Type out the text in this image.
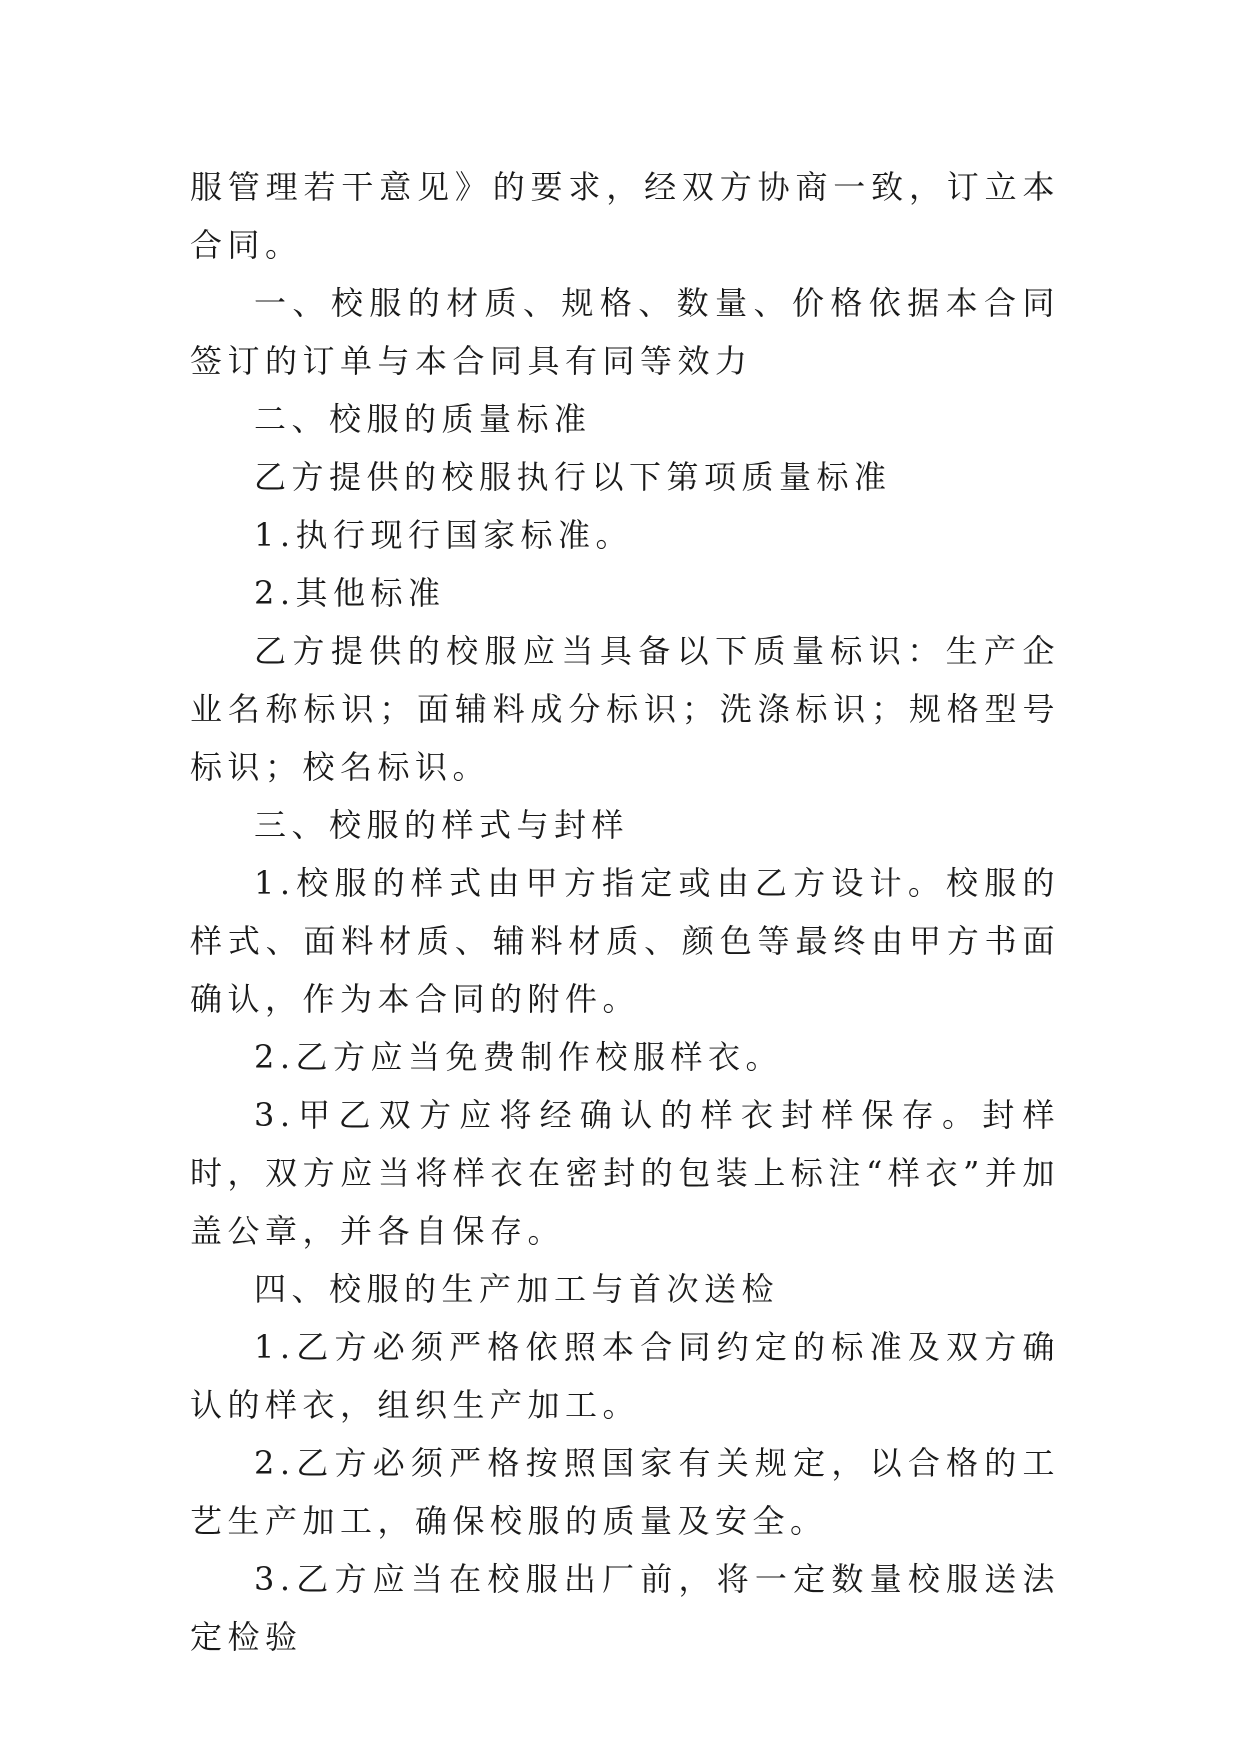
服管理若干意见》的要求，经双方协商一致，订立本合同。

一、校服的材质、规格、数量、价格依据本合同签订的订单与本合同具有同等效力

二、校服的质量标准

乙方提供的校服执行以下第项质量标准

1.执行现行国家标准。

2.其他标准

乙方提供的校服应当具备以下质量标识：生产企业名称标识；面辅料成分标识；洗涤标识；规格型号标识；校名标识。

三、校服的样式与封样

1.校服的样式由甲方指定或由乙方设计。校服的样式、面料材质、辅料材质、颜色等最终由甲方书面确认，作为本合同的附件。

2.乙方应当免费制作校服样衣。

3.甲乙双方应将经确认的样衣封样保存。封样时，双方应当将样衣在密封的包装上标注“样衣”并加盖公章，并各自保存。

四、校服的生产加工与首次送检

1.乙方必须严格依照本合同约定的标准及双方确认的样衣，组织生产加工。

2.乙方必须严格按照国家有关规定，以合格的工艺生产加工，确保校服的质量及安全。

3.乙方应当在校服出厂前，将一定数量校服送法定检验
